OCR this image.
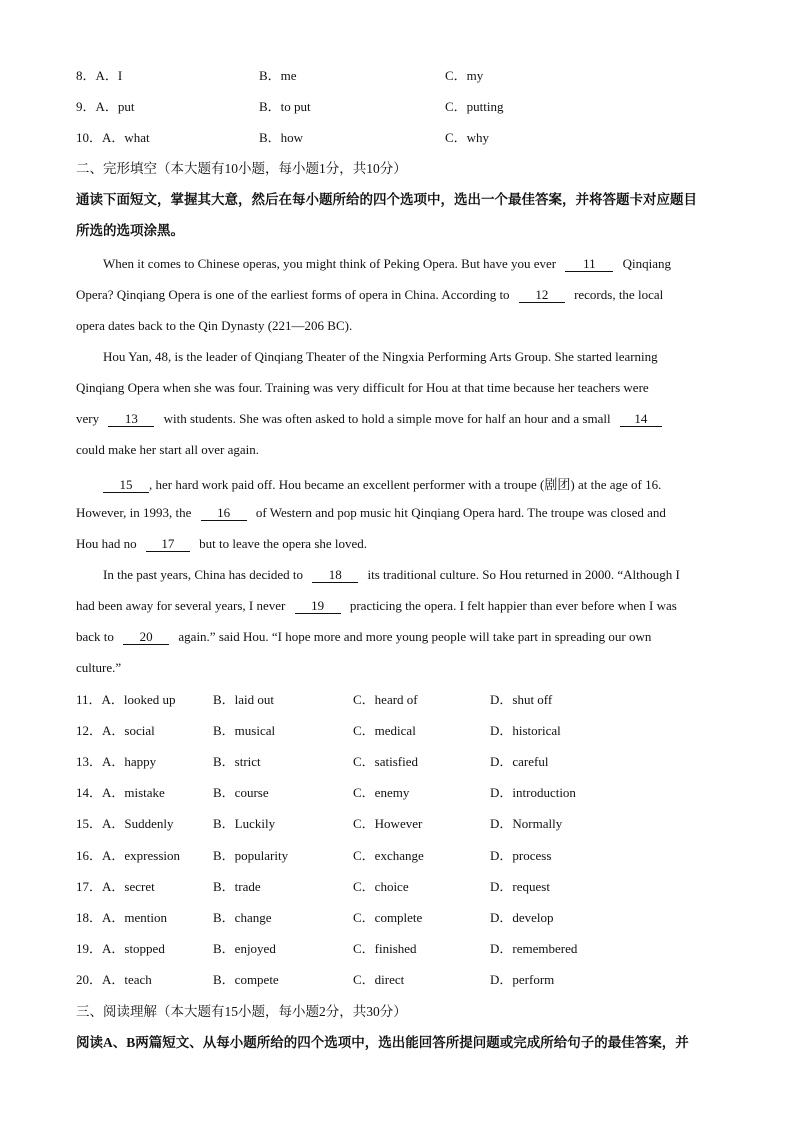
8．A．I	B．me	C．my
9．A．put	B．to put	C．putting
10．A．what	B．how	C．why
二、完形填空（本大题有10小题，每小题1分，共10分）
通读下面短文，掌握其大意，然后在每小题所给的四个选项中，选出一个最佳答案，并将答题卡对应题目
所选的选项涂黑。
When it comes to Chinese operas, you might think of Peking Opera. But have you ever 11 Qinqiang
Opera? Qinqiang Opera is one of the earliest forms of opera in China. According to 12 records, the local
opera dates back to the Qin Dynasty (221—206 BC).
Hou Yan, 48, is the leader of Qinqiang Theater of the Ningxia Performing Arts Group. She started learning
Qinqiang Opera when she was four. Training was very difficult for Hou at that time because her teachers were
very 13 with students. She was often asked to hold a simple move for half an hour and a small 14
could make her start all over again.
15 , her hard work paid off. Hou became an excellent performer with a troupe (剧团) at the age of 16.
However, in 1993, the 16 of Western and pop music hit Qinqiang Opera hard. The troupe was closed and
Hou had no 17 but to leave the opera she loved.
In the past years, China has decided to 18 its traditional culture. So Hou returned in 2000. “Although I
had been away for several years, I never 19 practicing the opera. I felt happier than ever before when I was
back to 20 again.” said Hou. “I hope more and more young people will take part in spreading our own
culture.”
11．A．looked up	B．laid out	C．heard of	D．shut off
12．A．social	B．musical	C．medical	D．historical
13．A．happy	B．strict	C．satisfied	D．careful
14．A．mistake	B．course	C．enemy	D．introduction
15．A．Suddenly	B．Luckily	C．However	D．Normally
16．A．expression	B．popularity	C．exchange	D．process
17．A．secret	B．trade	C．choice	D．request
18．A．mention	B．change	C．complete	D．develop
19．A．stopped	B．enjoyed	C．finished	D．remembered
20．A．teach	B．compete	C．direct	D．perform
三、阅读理解（本大题有15小题，每小题2分，共30分）
阅读A、B两篇短文、从每小题所给的四个选项中，选出能回答所提问题或完成所给句子的最佳答案，并
